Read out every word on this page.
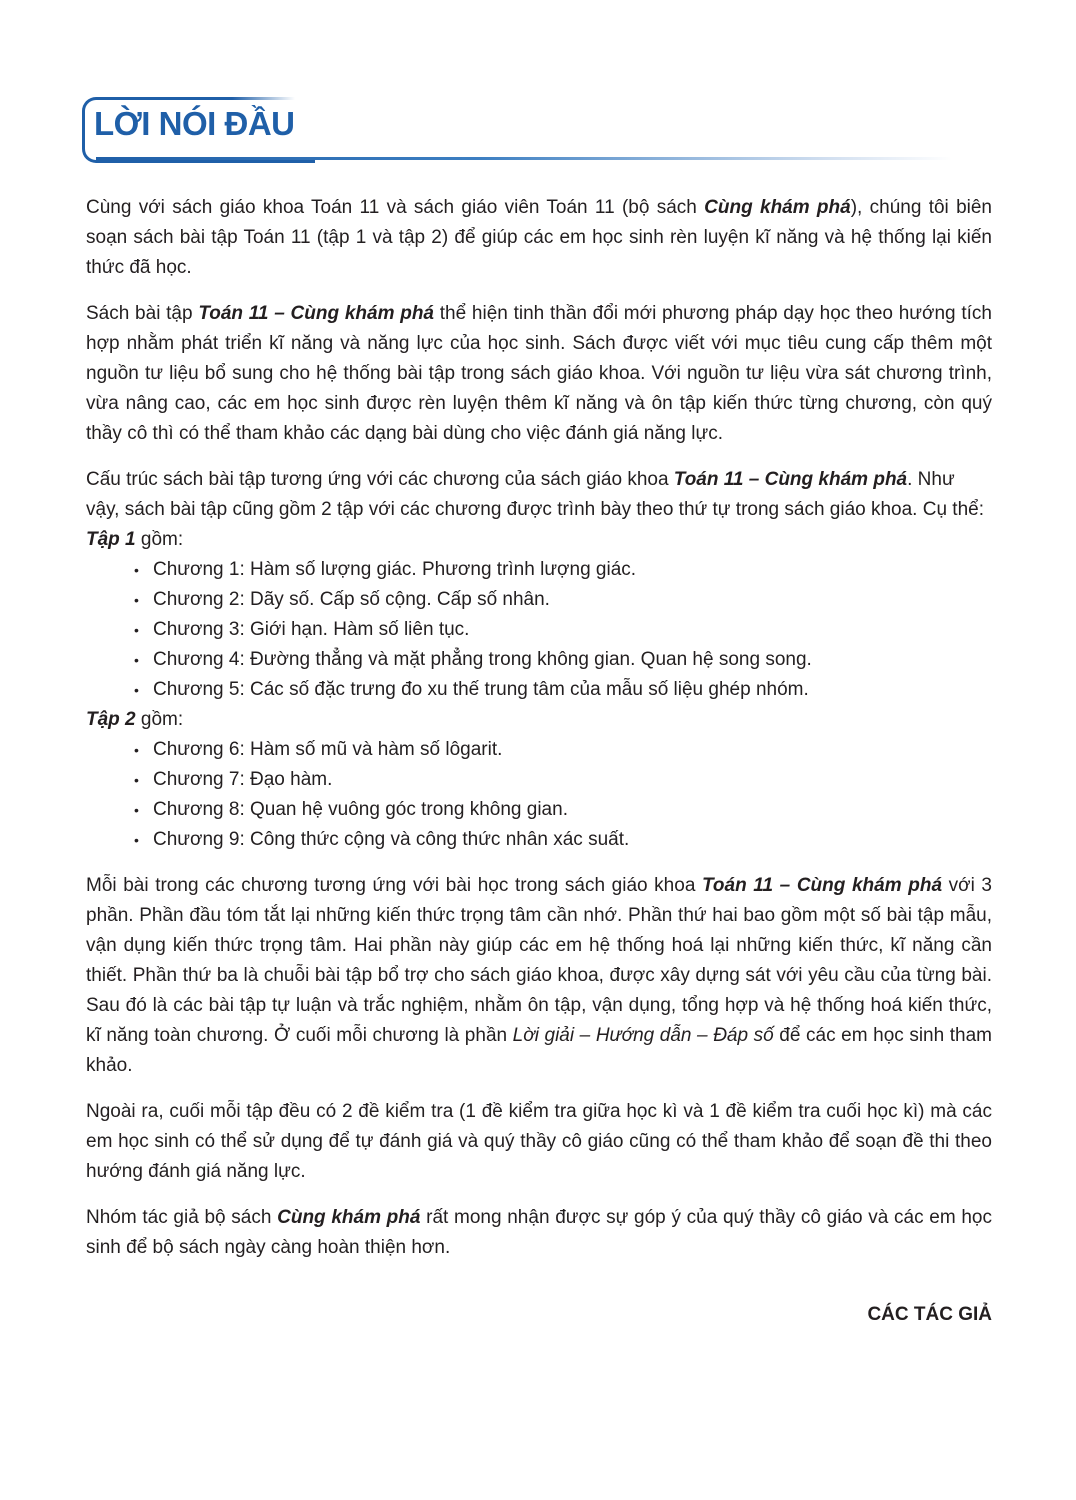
LỜI NÓI ĐẦU

Cùng với sách giáo khoa Toán 11 và sách giáo viên Toán 11 (bộ sách Cùng khám phá), chúng tôi biên soạn sách bài tập Toán 11 (tập 1 và tập 2) để giúp các em học sinh rèn luyện kĩ năng và hệ thống lại kiến thức đã học.

Sách bài tập Toán 11 – Cùng khám phá thể hiện tinh thần đổi mới phương pháp dạy học theo hướng tích hợp nhằm phát triển kĩ năng và năng lực của học sinh. Sách được viết với mục tiêu cung cấp thêm một nguồn tư liệu bổ sung cho hệ thống bài tập trong sách giáo khoa. Với nguồn tư liệu vừa sát chương trình, vừa nâng cao, các em học sinh được rèn luyện thêm kĩ năng và ôn tập kiến thức từng chương, còn quý thầy cô thì có thể tham khảo các dạng bài dùng cho việc đánh giá năng lực.

Cấu trúc sách bài tập tương ứng với các chương của sách giáo khoa Toán 11 – Cùng khám phá. Như vậy, sách bài tập cũng gồm 2 tập với các chương được trình bày theo thứ tự trong sách giáo khoa. Cụ thể:

Tập 1 gồm:
• Chương 1: Hàm số lượng giác. Phương trình lượng giác.
• Chương 2: Dãy số. Cấp số cộng. Cấp số nhân.
• Chương 3: Giới hạn. Hàm số liên tục.
• Chương 4: Đường thẳng và mặt phẳng trong không gian. Quan hệ song song.
• Chương 5: Các số đặc trưng đo xu thế trung tâm của mẫu số liệu ghép nhóm.
Tập 2 gồm:
• Chương 6: Hàm số mũ và hàm số lôgarit.
• Chương 7: Đạo hàm.
• Chương 8: Quan hệ vuông góc trong không gian.
• Chương 9: Công thức cộng và công thức nhân xác suất.

Mỗi bài trong các chương tương ứng với bài học trong sách giáo khoa Toán 11 – Cùng khám phá với 3 phần. Phần đầu tóm tắt lại những kiến thức trọng tâm cần nhớ. Phần thứ hai bao gồm một số bài tập mẫu, vận dụng kiến thức trọng tâm. Hai phần này giúp các em hệ thống hoá lại những kiến thức, kĩ năng cần thiết. Phần thứ ba là chuỗi bài tập bổ trợ cho sách giáo khoa, được xây dựng sát với yêu cầu của từng bài. Sau đó là các bài tập tự luận và trắc nghiệm, nhằm ôn tập, vận dụng, tổng hợp và hệ thống hoá kiến thức, kĩ năng toàn chương. Ở cuối mỗi chương là phần Lời giải – Hướng dẫn – Đáp số để các em học sinh tham khảo.

Ngoài ra, cuối mỗi tập đều có 2 đề kiểm tra (1 đề kiểm tra giữa học kì và 1 đề kiểm tra cuối học kì) mà các em học sinh có thể sử dụng để tự đánh giá và quý thầy cô giáo cũng có thể tham khảo để soạn đề thi theo hướng đánh giá năng lực.

Nhóm tác giả bộ sách Cùng khám phá rất mong nhận được sự góp ý của quý thầy cô giáo và các em học sinh để bộ sách ngày càng hoàn thiện hơn.

CÁC TÁC GIẢ
